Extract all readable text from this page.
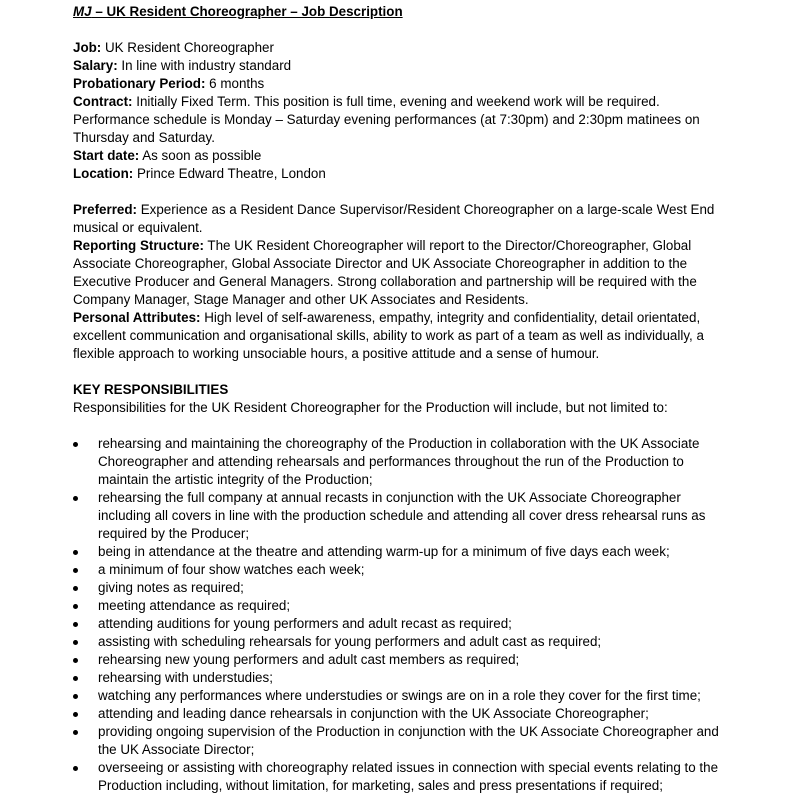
MJ – UK Resident Choreographer – Job Description

Job: UK Resident Choreographer

Salary: In line with industry standard

Probationary Period: 6 months

Contract: Initially Fixed Term. This position is full time, evening and weekend work will be required. Performance schedule is Monday – Saturday evening performances (at 7:30pm) and 2:30pm matinees on Thursday and Saturday.

Start date: As soon as possible

Location: Prince Edward Theatre, London

Preferred: Experience as a Resident Dance Supervisor/Resident Choreographer on a large-scale West End musical or equivalent.

Reporting Structure: The UK Resident Choreographer will report to the Director/Choreographer, Global Associate Choreographer, Global Associate Director and UK Associate Choreographer in addition to the Executive Producer and General Managers. Strong collaboration and partnership will be required with the Company Manager, Stage Manager and other UK Associates and Residents.

Personal Attributes: High level of self-awareness, empathy, integrity and confidentiality, detail orientated, excellent communication and organisational skills, ability to work as part of a team as well as individually, a flexible approach to working unsociable hours, a positive attitude and a sense of humour.

KEY RESPONSIBILITIES

Responsibilities for the UK Resident Choreographer for the Production will include, but not limited to:

rehearsing and maintaining the choreography of the Production in collaboration with the UK Associate Choreographer and attending rehearsals and performances throughout the run of the Production to maintain the artistic integrity of the Production;
rehearsing the full company at annual recasts in conjunction with the UK Associate Choreographer including all covers in line with the production schedule and attending all cover dress rehearsal runs as required by the Producer;
being in attendance at the theatre and attending warm-up for a minimum of five days each week;
a minimum of four show watches each week;
giving notes as required;
meeting attendance as required;
attending auditions for young performers and adult recast as required;
assisting with scheduling rehearsals for young performers and adult cast as required;
rehearsing new young performers and adult cast members as required;
rehearsing with understudies;
watching any performances where understudies or swings are on in a role they cover for the first time;
attending and leading dance rehearsals in conjunction with the UK Associate Choreographer;
providing ongoing supervision of the Production in conjunction with the UK Associate Choreographer and the UK Associate Director;
overseeing or assisting with choreography related issues in connection with special events relating to the Production including, without limitation, for marketing, sales and press presentations if required;
